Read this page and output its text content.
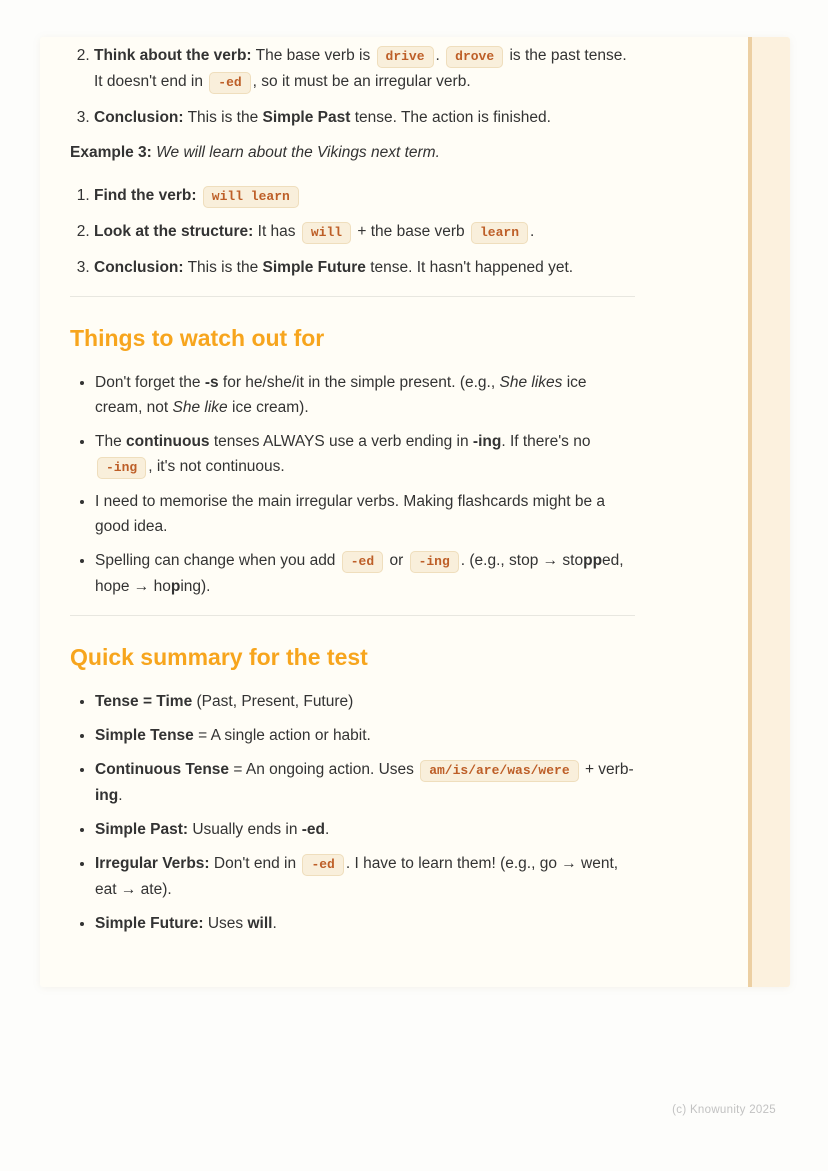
2. Think about the verb: The base verb is drive . drove is the past tense. It doesn't end in -ed , so it must be an irregular verb.
3. Conclusion: This is the Simple Past tense. The action is finished.

Example 3: We will learn about the Vikings next term.

1. Find the verb: will learn
2. Look at the structure: It has will + the base verb learn .
3. Conclusion: This is the Simple Future tense. It hasn't happened yet.
Things to watch out for
• Don't forget the -s for he/she/it in the simple present. (e.g., She likes ice cream, not She like ice cream).
• The continuous tenses ALWAYS use a verb ending in -ing. If there's no -ing , it's not continuous.
• I need to memorise the main irregular verbs. Making flashcards might be a good idea.
• Spelling can change when you add -ed or -ing . (e.g., stop → stopped, hope → hoping).
Quick summary for the test
• Tense = Time (Past, Present, Future)
• Simple Tense = A single action or habit.
• Continuous Tense = An ongoing action. Uses am/is/are/was/were + verb-ing.
• Simple Past: Usually ends in -ed.
• Irregular Verbs: Don't end in -ed . I have to learn them! (e.g., go → went, eat → ate).
• Simple Future: Uses will.
(c) Knowunity 2025
